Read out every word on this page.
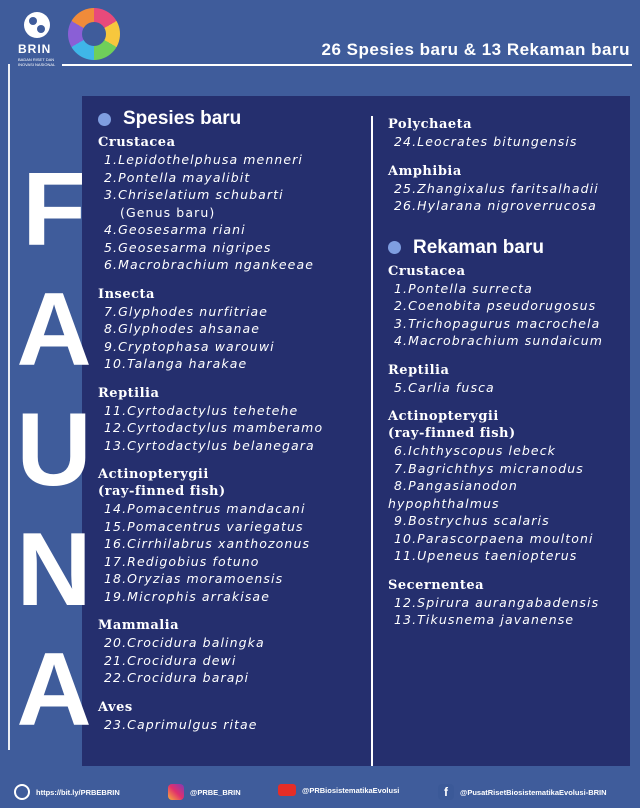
BRIN
BADAN RISET DAN INOVASI NASIONAL
26 Spesies baru & 13 Rekaman baru
F
A
U
N
A
Spesies baru
Crustacea
1.Lepidothelphusa menneri
2.Pontella mayalibit
3.Chriselatium schubarti
(Genus baru)
4.Geosesarma riani
5.Geosesarma nigripes
6.Macrobrachium ngankeeae
Insecta
7.Glyphodes nurfitriae
8.Glyphodes ahsanae
9.Cryptophasa warouwi
10.Talanga harakae
Reptilia
11.Cyrtodactylus tehetehe
12.Cyrtodactylus mamberamo
13.Cyrtodactylus belanegara
Actinopterygii
(ray-finned fish)
14.Pomacentrus mandacani
15.Pomacentrus variegatus
16.Cirrhilabrus xanthozonus
17.Redigobius fotuno
18.Oryzias moramoensis
19.Microphis arrakisae
Mammalia
20.Crocidura balingka
21.Crocidura dewi
22.Crocidura barapi
Aves
23.Caprimulgus ritae
Polychaeta
24.Leocrates bitungensis
Amphibia
25.Zhangixalus faritsalhadii
26.Hylarana nigroverrucosa
Rekaman baru
Crustacea
1.Pontella surrecta
2.Coenobita pseudorugosus
3.Trichopagurus macrochela
4.Macrobrachium sundaicum
Reptilia
5.Carlia fusca
Actinopterygii
(ray-finned fish)
6.Ichthyscopus lebeck
7.Bagrichthys micranodus
8.Pangasianodon
hypophthalmus
9.Bostrychus scalaris
10.Parascorpaena moultoni
11.Upeneus taeniopterus
Secernentea
12.Spirura aurangabadensis
13.Tikusnema javanense
https://bit.ly/PRBEBRIN	@PRBE_BRIN	@PRBiosistematikaEvolusi	f	@PusatRisetBiosistematikaEvolusi-BRIN
